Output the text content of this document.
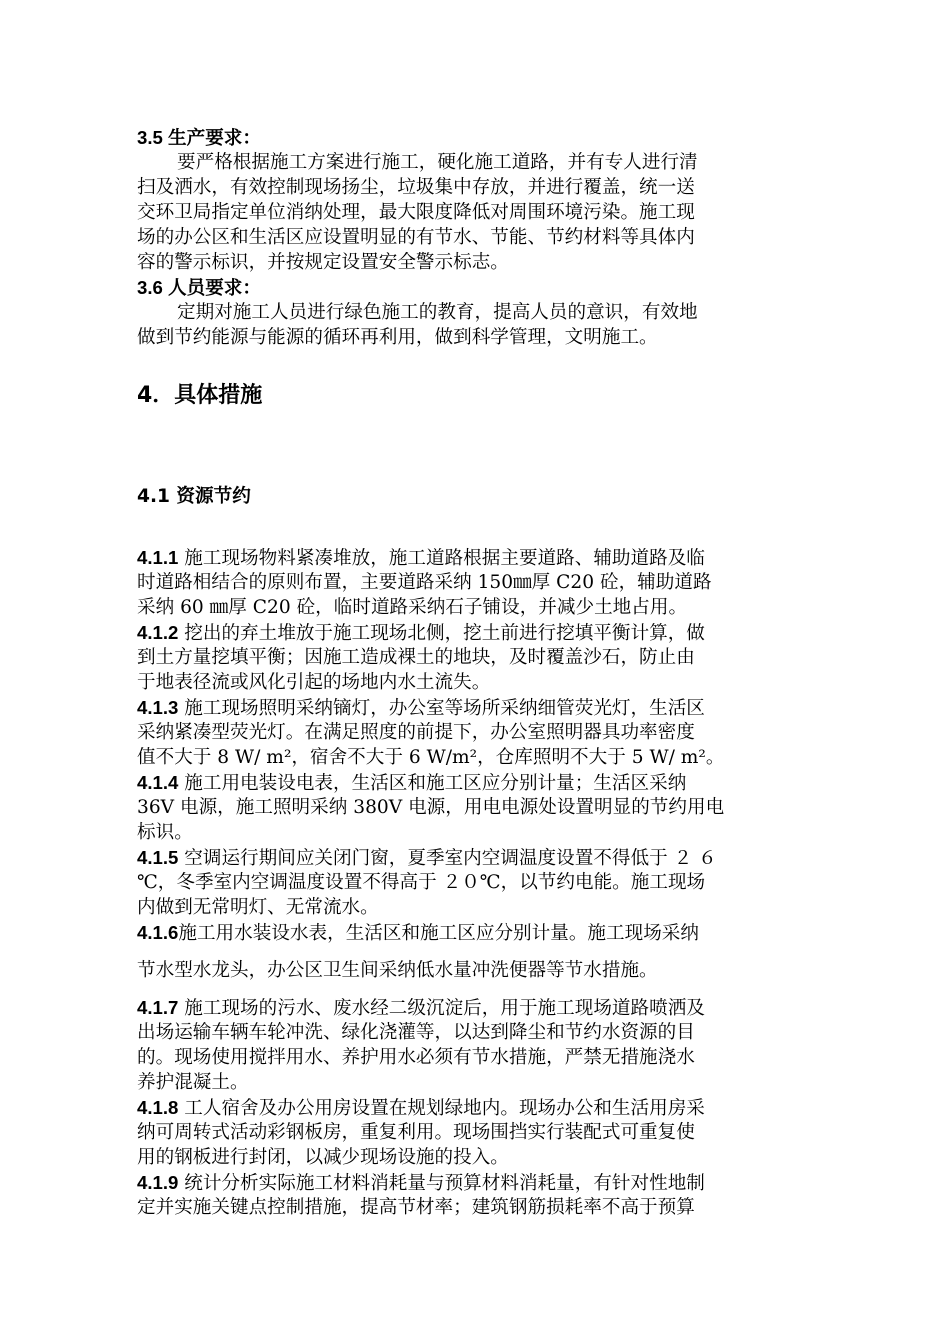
3.5 生产要求：
要严格根据施工方案进行施工，硬化施工道路，并有专人进行清
扫及洒水，有效控制现场扬尘，垃圾集中存放，并进行覆盖，统一送
交环卫局指定单位消纳处理，最大限度降低对周围环境污染。施工现
场的办公区和生活区应设置明显的有节水、节能、节约材料等具体内
容的警示标识，并按规定设置安全警示标志。
3.6 人员要求：
定期对施工人员进行绿色施工的教育，提高人员的意识，有效地
做到节约能源与能源的循环再利用，做到科学管理，文明施工。
4．具体措施
4.1 资源节约
4.1.1 施工现场物料紧凑堆放，施工道路根据主要道路、辅助道路及临
时道路相结合的原则布置，主要道路采纳 150㎜厚 C20 砼，辅助道路
采纳 60 ㎜厚 C20 砼，临时道路采纳石子铺设，并减少土地占用。
4.1.2 挖出的弃土堆放于施工现场北侧，挖土前进行挖填平衡计算，做
到土方量挖填平衡；因施工造成裸土的地块，及时覆盖沙石，防止由
于地表径流或风化引起的场地内水土流失。
4.1.3 施工现场照明采纳镝灯，办公室等场所采纳细管荧光灯，生活区
采纳紧凑型荧光灯。在满足照度的前提下，办公室照明器具功率密度
值不大于 8 W/ m²，宿舍不大于 6 W/m²，仓库照明不大于 5 W/ m²。
4.1.4 施工用电装设电表，生活区和施工区应分别计量；生活区采纳
36V 电源，施工照明采纳 380V 电源，用电电源处设置明显的节约用电
标识。
4.1.5 空调运行期间应关闭门窗，夏季室内空调温度设置不得低于 ２ ６
℃，冬季室内空调温度设置不得高于 ２０℃，以节约电能。施工现场
内做到无常明灯、无常流水。
4.1.6施工用水装设水表，生活区和施工区应分别计量。施工现场采纳
节水型水龙头，办公区卫生间采纳低水量冲洗便器等节水措施。
4.1.7 施工现场的污水、废水经二级沉淀后，用于施工现场道路喷洒及
出场运输车辆车轮冲洗、绿化浇灌等，以达到降尘和节约水资源的目
的。现场使用搅拌用水、养护用水必须有节水措施，严禁无措施浇水
养护混凝土。
4.1.8 工人宿舍及办公用房设置在规划绿地内。现场办公和生活用房采
纳可周转式活动彩钢板房，重复利用。现场围挡实行装配式可重复使
用的钢板进行封闭，以减少现场设施的投入。
4.1.9 统计分析实际施工材料消耗量与预算材料消耗量，有针对性地制
定并实施关键点控制措施，提高节材率；建筑钢筋损耗率不高于预算
